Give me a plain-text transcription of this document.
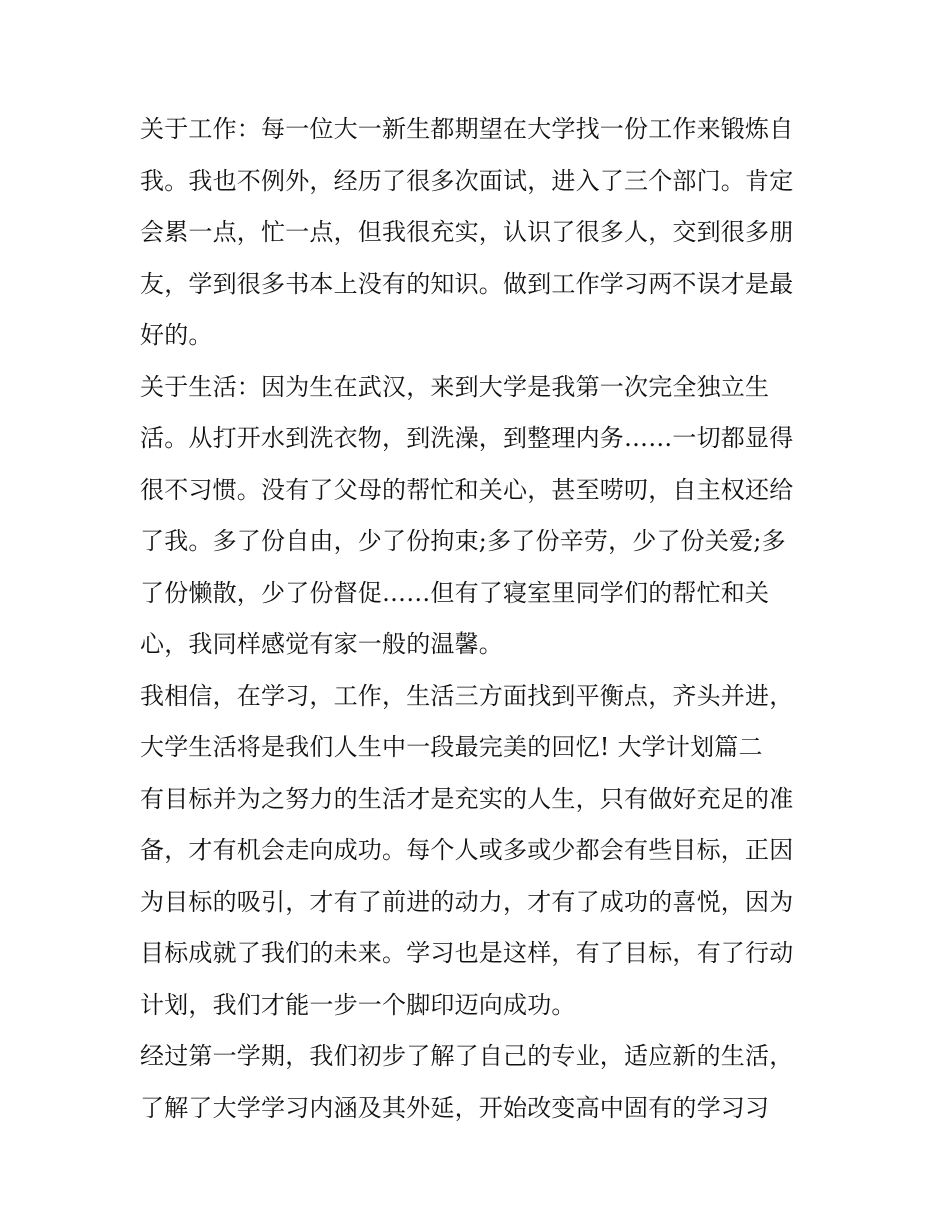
关于工作：每一位大一新生都期望在大学找一份工作来锻炼自
我。我也不例外，经历了很多次面试，进入了三个部门。肯定
会累一点，忙一点，但我很充实，认识了很多人，交到很多朋
友，学到很多书本上没有的知识。做到工作学习两不误才是最
好的。
关于生活：因为生在武汉，来到大学是我第一次完全独立生
活。从打开水到洗衣物，到洗澡，到整理内务……一切都显得
很不习惯。没有了父母的帮忙和关心，甚至唠叨，自主权还给
了我。多了份自由，少了份拘束;多了份辛劳，少了份关爱;多
了份懒散，少了份督促……但有了寝室里同学们的帮忙和关
心，我同样感觉有家一般的温馨。
我相信，在学习，工作，生活三方面找到平衡点，齐头并进，
大学生活将是我们人生中一段最完美的回忆! 大学计划篇二
有目标并为之努力的生活才是充实的人生，只有做好充足的准
备，才有机会走向成功。每个人或多或少都会有些目标，正因
为目标的吸引，才有了前进的动力，才有了成功的喜悦，因为
目标成就了我们的未来。学习也是这样，有了目标，有了行动
计划，我们才能一步一个脚印迈向成功。
经过第一学期，我们初步了解了自己的专业，适应新的生活，
了解了大学学习内涵及其外延，开始改变高中固有的学习习
